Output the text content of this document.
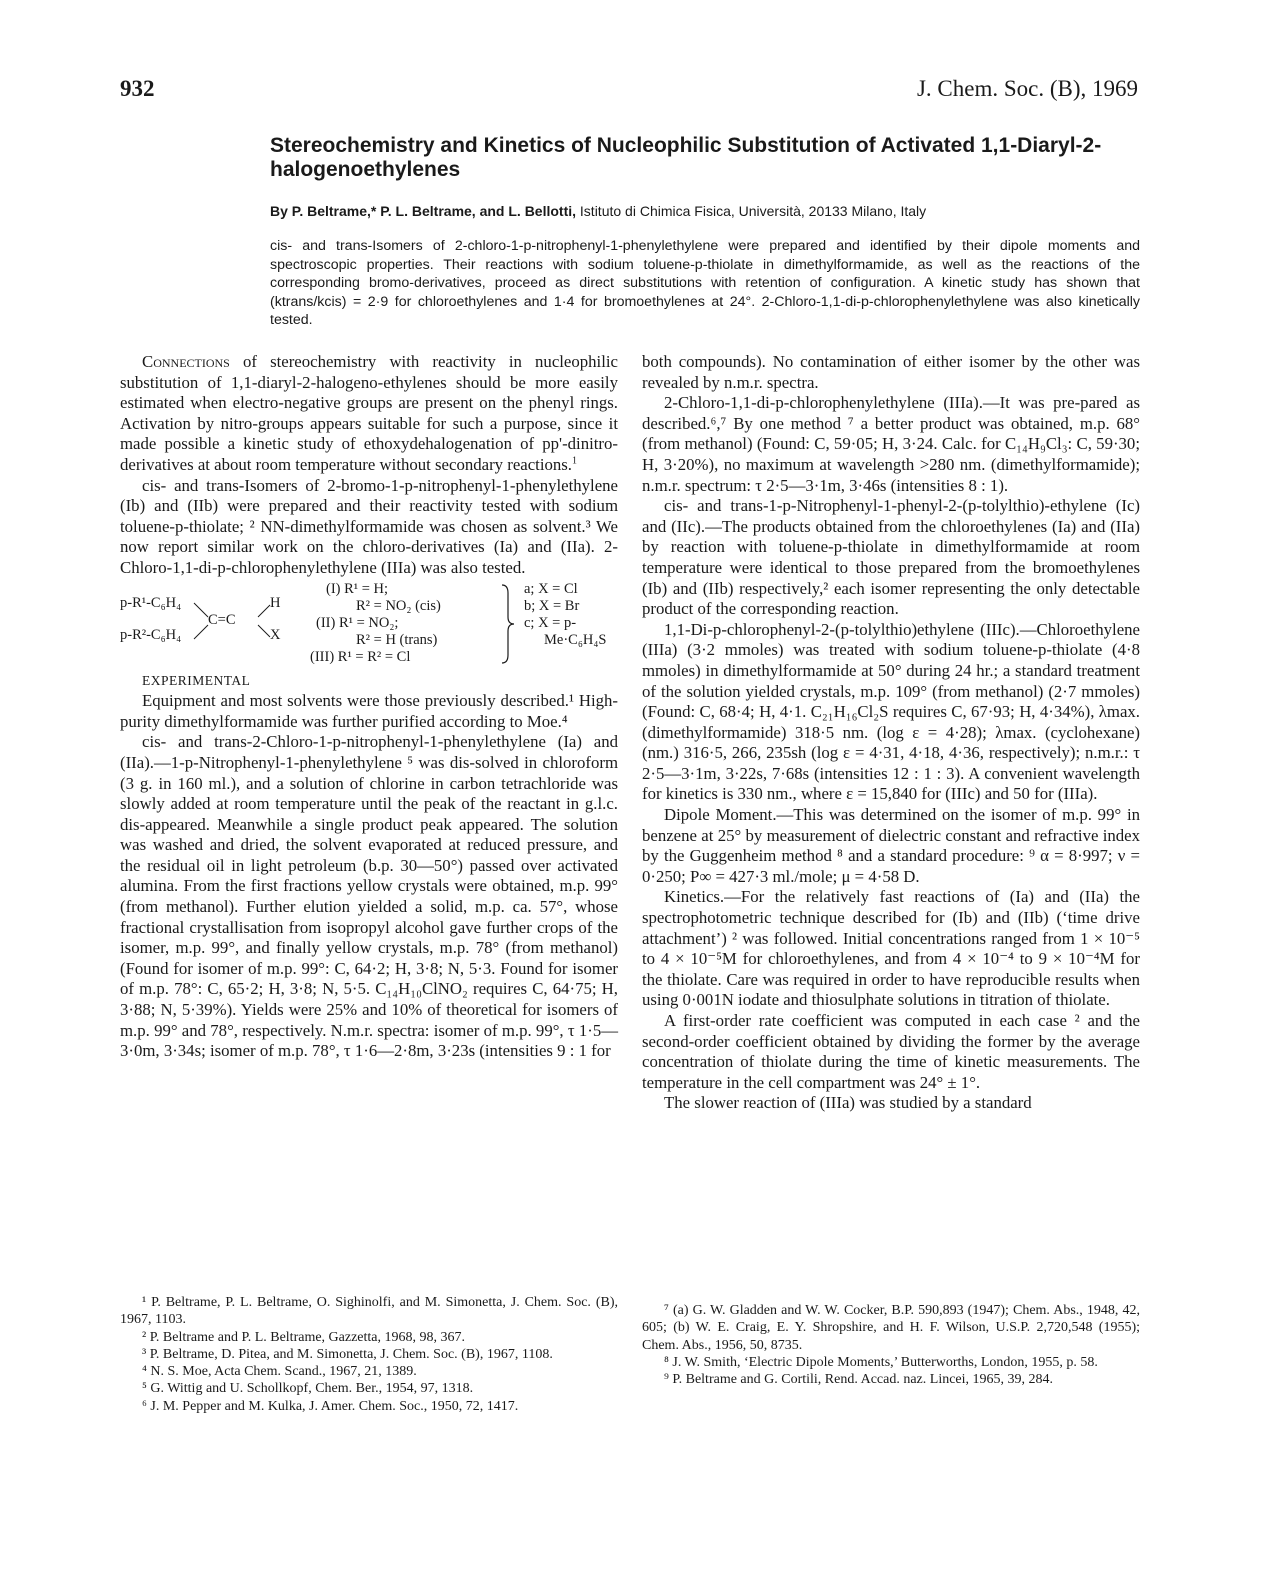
932	J. Chem. Soc. (B), 1969
Stereochemistry and Kinetics of Nucleophilic Substitution of Activated 1,1-Diaryl-2-halogenoethylenes
By P. Beltrame,* P. L. Beltrame, and L. Bellotti, Istituto di Chimica Fisica, Università, 20133 Milano, Italy
cis- and trans-Isomers of 2-chloro-1-p-nitrophenyl-1-phenylethylene were prepared and identified by their dipole moments and spectroscopic properties. Their reactions with sodium toluene-p-thiolate in dimethylformamide, as well as the reactions of the corresponding bromo-derivatives, proceed as direct substitutions with retention of configuration. A kinetic study has shown that (ktrans/kcis) = 2·9 for chloroethylenes and 1·4 for bromoethylenes at 24°. 2-Chloro-1,1-di-p-chlorophenylethylene was also kinetically tested.

Connections of stereochemistry with reactivity in nucleophilic substitution of 1,1-diaryl-2-halogeno-ethylenes should be more easily estimated when electro-negative groups are present on the phenyl rings. Activation by nitro-groups appears suitable for such a purpose, since it made possible a kinetic study of ethoxydehalogenation of pp'-dinitro-derivatives at about room temperature without secondary reactions.$^1$

cis- and trans-Isomers of 2-bromo-1-p-nitrophenyl-1-phenylethylene (Ib) and (IIb) were prepared and their reactivity tested with sodium toluene-p-thiolate; ² NN-dimethylformamide was chosen as solvent.³ We now report similar work on the chloro-derivatives (Ia) and (IIa). 2-Chloro-1,1-di-p-chlorophenylethylene (IIIa) was also tested.

p-R¹-C₆H₄
p-R²-C₆H₄
C=C
H
X
(I) R¹ = H;
R² = NO₂ (cis)
(II) R¹ = NO₂;
R² = H (trans)
(III) R¹ = R² = Cl
a; X = Cl
b; X = Br
c; X = p-
Me·C₆H₄S

EXPERIMENTAL

Equipment and most solvents were those previously described.¹ High-purity dimethylformamide was further purified according to Moe.⁴

cis- and trans-2-Chloro-1-p-nitrophenyl-1-phenylethylene (Ia) and (IIa).—1-p-Nitrophenyl-1-phenylethylene ⁵ was dis-solved in chloroform (3 g. in 160 ml.), and a solution of chlorine in carbon tetrachloride was slowly added at room temperature until the peak of the reactant in g.l.c. dis-appeared. Meanwhile a single product peak appeared. The solution was washed and dried, the solvent evaporated at reduced pressure, and the residual oil in light petroleum (b.p. 30—50°) passed over activated alumina. From the first fractions yellow crystals were obtained, m.p. 99° (from methanol). Further elution yielded a solid, m.p. ca. 57°, whose fractional crystallisation from isopropyl alcohol gave further crops of the isomer, m.p. 99°, and finally yellow crystals, m.p. 78° (from methanol) (Found for isomer of m.p. 99°: C, 64·2; H, 3·8; N, 5·3. Found for isomer of m.p. 78°: C, 65·2; H, 3·8; N, 5·5. C₁₄H₁₀ClNO₂ requires C, 64·75; H, 3·88; N, 5·39%). Yields were 25% and 10% of theoretical for isomers of m.p. 99° and 78°, respectively. N.m.r. spectra: isomer of m.p. 99°, τ 1·5—3·0m, 3·34s; isomer of m.p. 78°, τ 1·6—2·8m, 3·23s (intensities 9 : 1 for

both compounds). No contamination of either isomer by the other was revealed by n.m.r. spectra.

2-Chloro-1,1-di-p-chlorophenylethylene (IIIa).—It was pre-pared as described.⁶,⁷ By one method ⁷ a better product was obtained, m.p. 68° (from methanol) (Found: C, 59·05; H, 3·24. Calc. for C₁₄H₉Cl₃: C, 59·30; H, 3·20%), no maximum at wavelength >280 nm. (dimethylformamide); n.m.r. spectrum: τ 2·5—3·1m, 3·46s (intensities 8 : 1).

cis- and trans-1-p-Nitrophenyl-1-phenyl-2-(p-tolylthio)-ethylene (Ic) and (IIc).—The products obtained from the chloroethylenes (Ia) and (IIa) by reaction with toluene-p-thiolate in dimethylformamide at room temperature were identical to those prepared from the bromoethylenes (Ib) and (IIb) respectively,² each isomer representing the only detectable product of the corresponding reaction.

1,1-Di-p-chlorophenyl-2-(p-tolylthio)ethylene (IIIc).—Chloroethylene (IIIa) (3·2 mmoles) was treated with sodium toluene-p-thiolate (4·8 mmoles) in dimethylformamide at 50° during 24 hr.; a standard treatment of the solution yielded crystals, m.p. 109° (from methanol) (2·7 mmoles) (Found: C, 68·4; H, 4·1. C₂₁H₁₆Cl₂S requires C, 67·93; H, 4·34%), λmax. (dimethylformamide) 318·5 nm. (log ε = 4·28); λmax. (cyclohexane) (nm.) 316·5, 266, 235sh (log ε = 4·31, 4·18, 4·36, respectively); n.m.r.: τ 2·5—3·1m, 3·22s, 7·68s (intensities 12 : 1 : 3). A convenient wavelength for kinetics is 330 nm., where ε = 15,840 for (IIIc) and 50 for (IIIa).

Dipole Moment.—This was determined on the isomer of m.p. 99° in benzene at 25° by measurement of dielectric constant and refractive index by the Guggenheim method ⁸ and a standard procedure: ⁹ α = 8·997; ν = 0·250; P∞ = 427·3 ml./mole; μ = 4·58 D.

Kinetics.—For the relatively fast reactions of (Ia) and (IIa) the spectrophotometric technique described for (Ib) and (IIb) (‘time drive attachment’) ² was followed. Initial concentrations ranged from 1 × 10⁻⁵ to 4 × 10⁻⁵M for chloroethylenes, and from 4 × 10⁻⁴ to 9 × 10⁻⁴M for the thiolate. Care was required in order to have reproducible results when using 0·001N iodate and thiosulphate solutions in titration of thiolate.

A first-order rate coefficient was computed in each case ² and the second-order coefficient obtained by dividing the former by the average concentration of thiolate during the time of kinetic measurements. The temperature in the cell compartment was 24° ± 1°.

The slower reaction of (IIIa) was studied by a standard

¹ P. Beltrame, P. L. Beltrame, O. Sighinolfi, and M. Simonetta, J. Chem. Soc. (B), 1967, 1103.

² P. Beltrame and P. L. Beltrame, Gazzetta, 1968, 98, 367.

³ P. Beltrame, D. Pitea, and M. Simonetta, J. Chem. Soc. (B), 1967, 1108.

⁴ N. S. Moe, Acta Chem. Scand., 1967, 21, 1389.

⁵ G. Wittig and U. Schollkopf, Chem. Ber., 1954, 97, 1318.

⁶ J. M. Pepper and M. Kulka, J. Amer. Chem. Soc., 1950, 72, 1417.

⁷ (a) G. W. Gladden and W. W. Cocker, B.P. 590,893 (1947); Chem. Abs., 1948, 42, 605; (b) W. E. Craig, E. Y. Shropshire, and H. F. Wilson, U.S.P. 2,720,548 (1955); Chem. Abs., 1956, 50, 8735.

⁸ J. W. Smith, ‘Electric Dipole Moments,’ Butterworths, London, 1955, p. 58.

⁹ P. Beltrame and G. Cortili, Rend. Accad. naz. Lincei, 1965, 39, 284.
